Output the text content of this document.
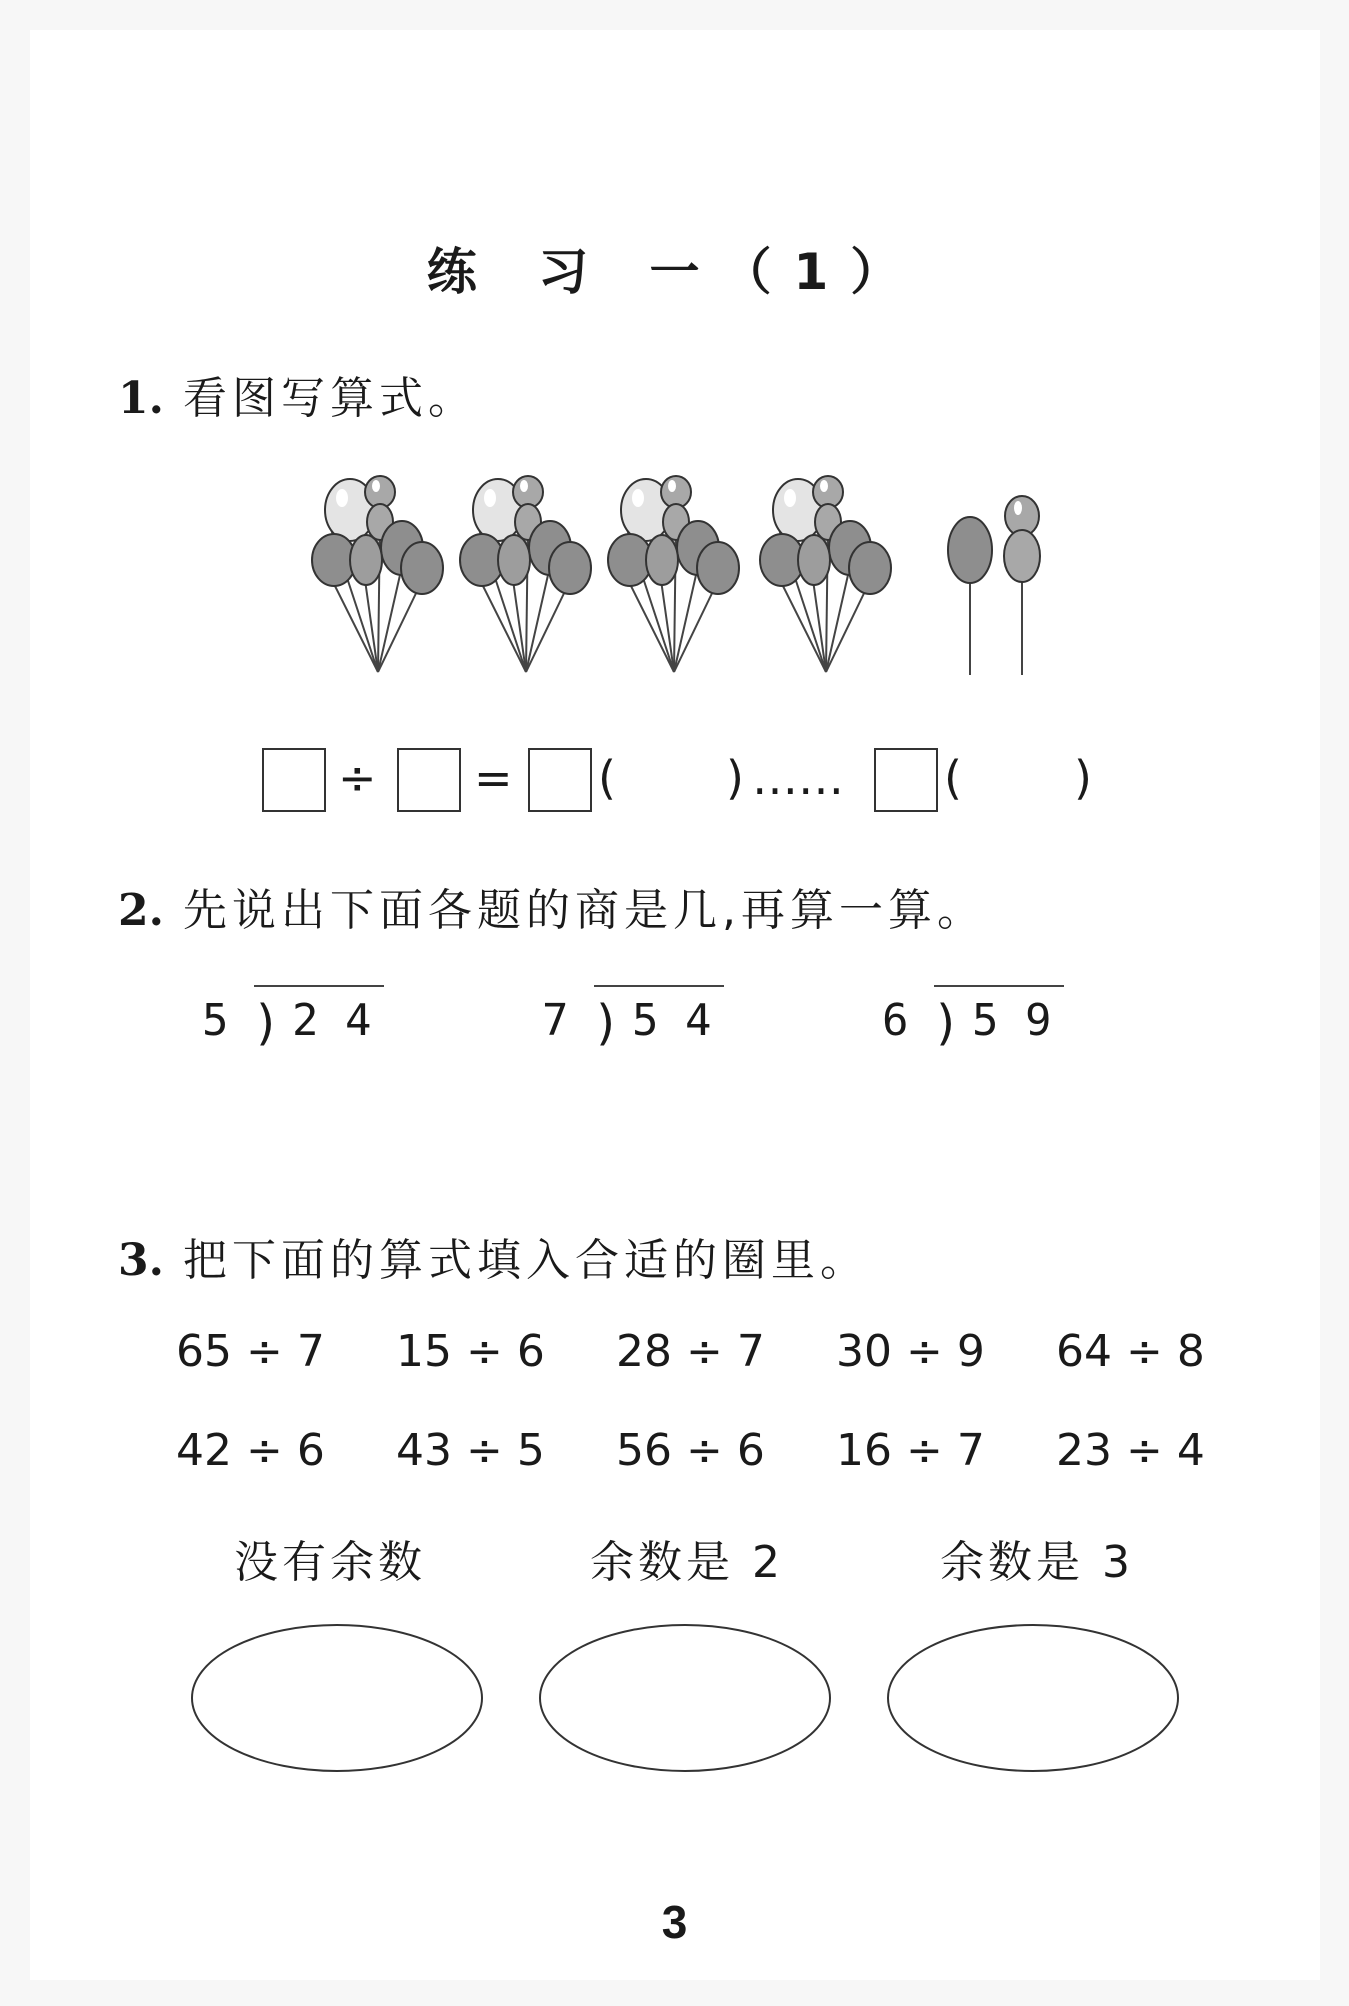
练 习 一（1）
1. 看图写算式。
÷ = ( ) …… ( )
2. 先说出下面各题的商是几,再算一算。
5 ) 2 4	7 ) 5 4	6 ) 5 9
3. 把下面的算式填入合适的圈里。
65 ÷ 7 15 ÷ 6 28 ÷ 7 30 ÷ 9 64 ÷ 8
42 ÷ 6 43 ÷ 5 56 ÷ 6 16 ÷ 7 23 ÷ 4
没有余数	余数是 2	余数是 3
3
